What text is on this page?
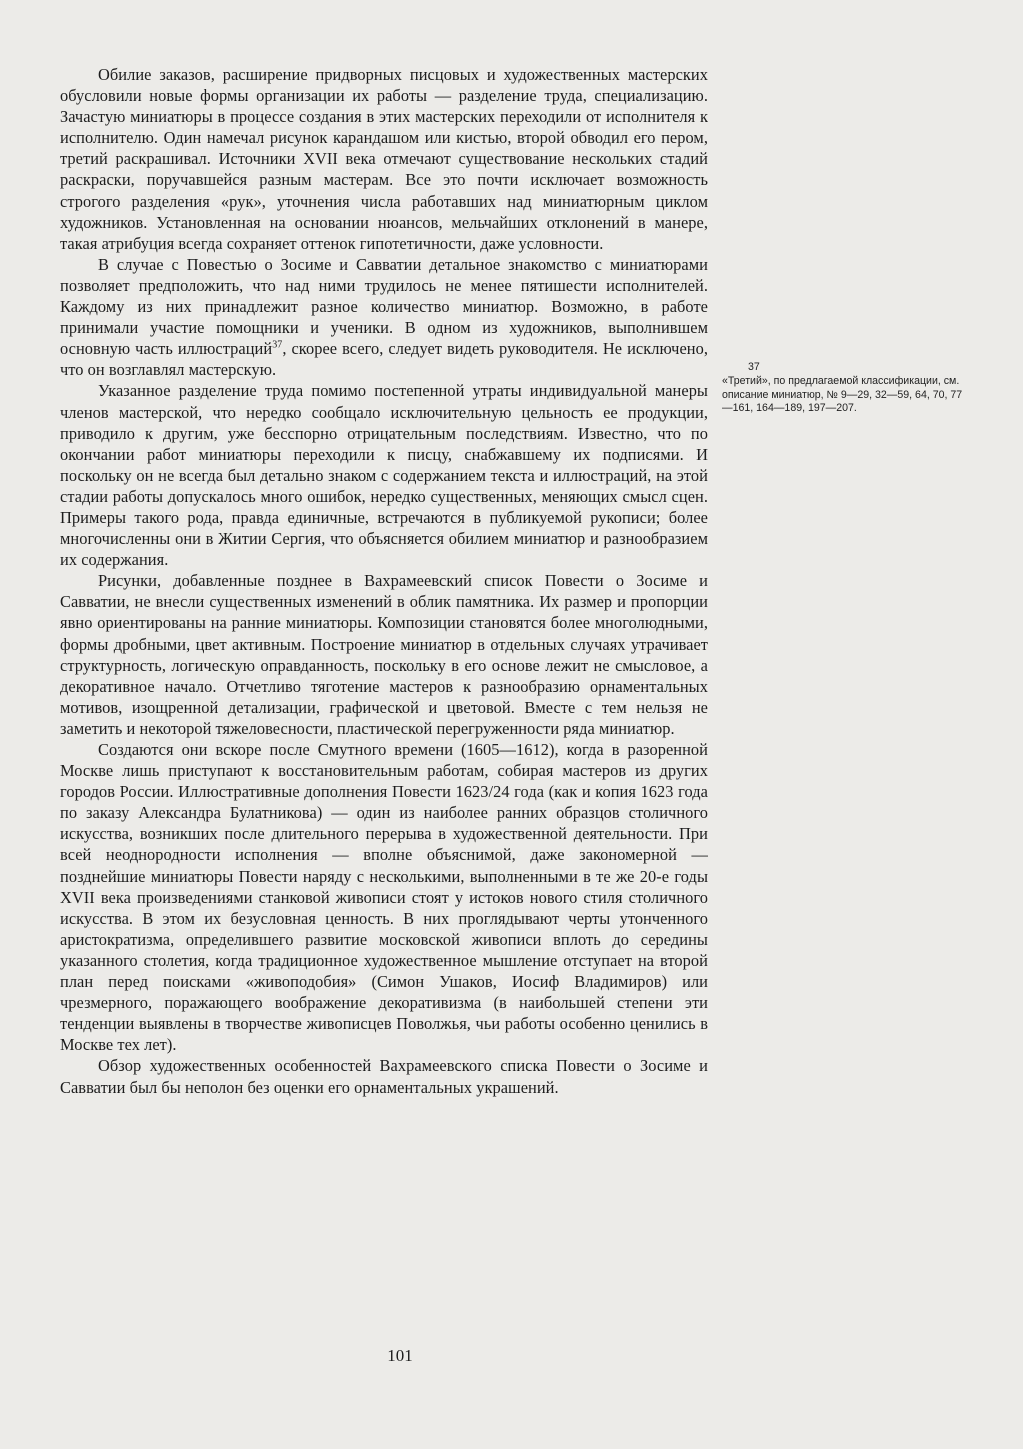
Обилие заказов, расширение придворных писцовых и художественных мастерских обусловили новые формы организации их работы — разделение труда, специализацию. Зачастую миниатюры в процессе создания в этих мастерских переходили от исполнителя к исполнителю. Один намечал рисунок карандашом или кистью, второй обводил его пером, третий раскрашивал. Источники XVII века отмечают существование нескольких стадий раскраски, поручавшейся разным мастерам. Все это почти исключает возможность строгого разделения «рук», уточнения числа работавших над миниатюрным циклом художников. Установленная на основании нюансов, мельчайших отклонений в манере, такая атрибуция всегда сохраняет оттенок гипотетичности, даже условности.

В случае с Повестью о Зосиме и Савватии детальное знакомство с миниатюрами позволяет предположить, что над ними трудилось не менее пятишести исполнителей. Каждому из них принадлежит разное количество миниатюр. Возможно, в работе принимали участие помощники и ученики. В одном из художников, выполнившем основную часть иллюстраций$^{37}$, скорее всего, следует видеть руководителя. Не исключено, что он возглавлял мастерскую.

Указанное разделение труда помимо постепенной утраты индивидуальной манеры членов мастерской, что нередко сообщало исключительную цельность ее продукции, приводило к другим, уже бесспорно отрицательным последствиям. Известно, что по окончании работ миниатюры переходили к писцу, снабжавшему их подписями. И поскольку он не всегда был детально знаком с содержанием текста и иллюстраций, на этой стадии работы допускалось много ошибок, нередко существенных, меняющих смысл сцен. Примеры такого рода, правда единичные, встречаются в публикуемой рукописи; более многочисленны они в Житии Сергия, что объясняется обилием миниатюр и разнообразием их содержания.

Рисунки, добавленные позднее в Вахрамеевский список Повести о Зосиме и Савватии, не внесли существенных изменений в облик памятника. Их размер и пропорции явно ориентированы на ранние миниатюры. Композиции становятся более многолюдными, формы дробными, цвет активным. Построение миниатюр в отдельных случаях утрачивает структурность, логическую оправданность, поскольку в его основе лежит не смысловое, а декоративное начало. Отчетливо тяготение мастеров к разнообразию орнаментальных мотивов, изощренной детализации, графической и цветовой. Вместе с тем нельзя не заметить и некоторой тяжеловесности, пластической перегруженности ряда миниатюр.

Создаются они вскоре после Смутного времени (1605—1612), когда в разоренной Москве лишь приступают к восстановительным работам, собирая мастеров из других городов России. Иллюстративные дополнения Повести 1623/24 года (как и копия 1623 года по заказу Александра Булатникова) — один из наиболее ранних образцов столичного искусства, возникших после длительного перерыва в художественной деятельности. При всей неоднородности исполнения — вполне объяснимой, даже закономерной — позднейшие миниатюры Повести наряду с несколькими, выполненными в те же 20-е годы XVII века произведениями станковой живописи стоят у истоков нового стиля столичного искусства. В этом их безусловная ценность. В них проглядывают черты утонченного аристократизма, определившего развитие московской живописи вплоть до середины указанного столетия, когда традиционное художественное мышление отступает на второй план перед поисками «живоподобия» (Симон Ушаков, Иосиф Владимиров) или чрезмерного, поражающего воображение декоративизма (в наибольшей степени эти тенденции выявлены в творчестве живописцев Поволжья, чьи работы особенно ценились в Москве тех лет).

Обзор художественных особенностей Вахрамеевского списка Повести о Зосиме и Савватии был бы неполон без оценки его орнаментальных украшений.

37
«Третий», по предлагаемой классификации, см. описание миниатюр, № 9—29, 32—59, 64, 70, 77—161, 164—189, 197—207.
101
